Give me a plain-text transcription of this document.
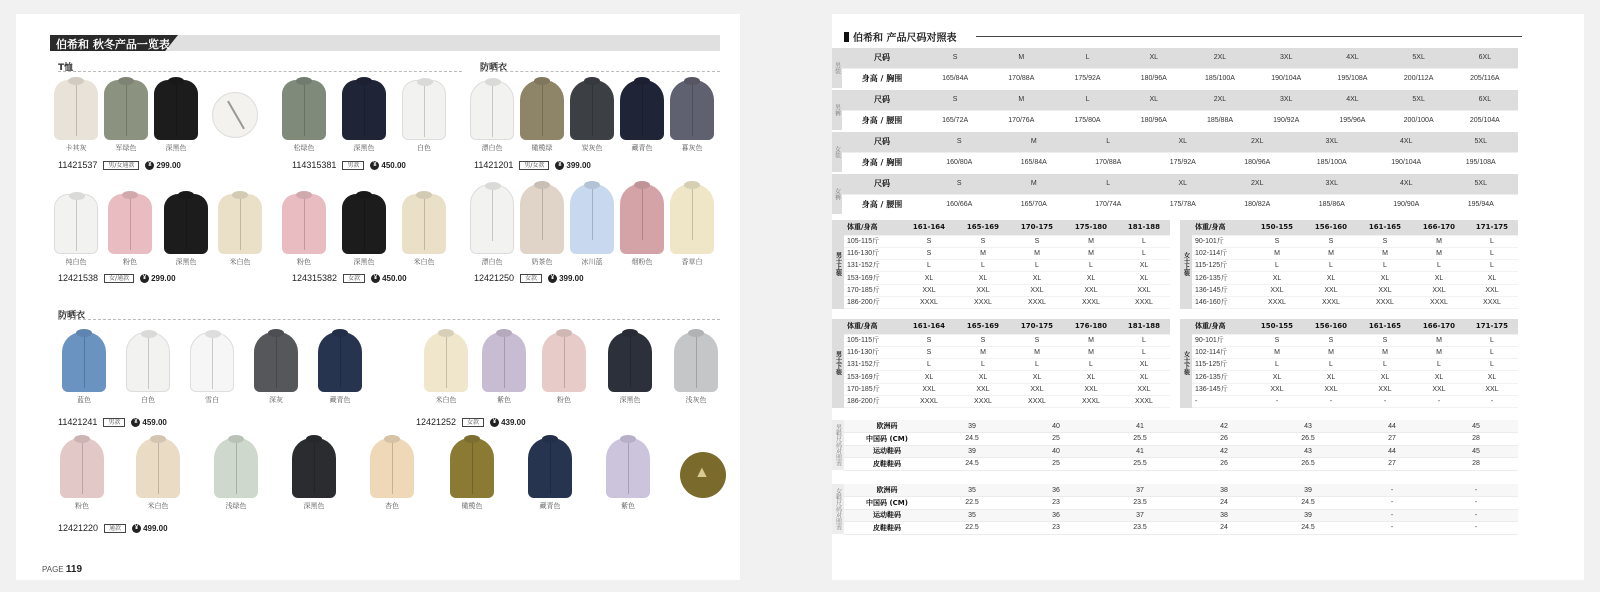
伯希和 秋冬产品一览表
T恤	防晒衣
卡其灰	军绿色	深黑色	松绿色	深黑色	白色	漂白色	橄榄绿	炭灰色	藏青色	暮灰色
11421537	男/女通款	¥ 299.00	114315381	男款	¥ 450.00	11421201	男/女款	¥ 399.00
纯白色	粉色	深黑色	米白色	粉色	深黑色	米白色	漂白色	奶茶色	冰川蓝	烟粉色	香草白
12421538	女/通款	¥ 299.00	124315382	女款	¥ 450.00	12421250	女款	¥ 399.00
防晒衣
蓝色	白色	雪白	深灰	藏青色	米白色	紫色	粉色	深黑色	浅灰色
11421241	男款	¥ 459.00	12421252	女款	¥ 439.00
粉色	米白色	浅绿色	深黑色	杏色	橄榄色	藏青色	紫色
▲
12421220	通款	¥ 499.00
PAGE 119
伯希和 产品尺码对照表
男装	尺码	S	M	L	XL	2XL	3XL	4XL	5XL	6XL
	身高 / 胸围	165/84A	170/88A	175/92A	180/96A	185/100A	190/104A	195/108A	200/112A	205/116A
男裤	尺码	S	M	L	XL	2XL	3XL	4XL	5XL	6XL
	身高 / 腰围	165/72A	170/76A	175/80A	180/96A	185/88A	190/92A	195/96A	200/100A	205/104A
女装	尺码	S	M	L	XL	2XL	3XL	4XL	5XL
	身高 / 胸围	160/80A	165/84A	170/88A	175/92A	180/96A	185/100A	190/104A	195/108A
女裤	尺码	S	M	L	XL	2XL	3XL	4XL	5XL
	身高 / 腰围	160/66A	165/70A	170/74A	175/78A	180/82A	185/86A	190/90A	195/94A
男士上装	体重/身高	161-164	165-169	170-175	175-180	181-188
	105-115斤	S	S	S	M	L
	116-130斤	S	M	M	M	L
	131-152斤	L	L	L	L	XL
	153-169斤	XL	XL	XL	XL	XL
	170-185斤	XXL	XXL	XXL	XXL	XXL
	186-200斤	XXXL	XXXL	XXXL	XXXL	XXXL
女士上装	体重/身高	150-155	156-160	161-165	166-170	171-175
	90-101斤	S	S	S	M	L
	102-114斤	M	M	M	M	L
	115-125斤	L	L	L	L	L
	126-135斤	XL	XL	XL	XL	XL
	136-145斤	XXL	XXL	XXL	XXL	XXL
	146-160斤	XXXL	XXXL	XXXL	XXXL	XXXL
男士下装	体重/身高	161-164	165-169	170-175	176-180	181-188
	105-115斤	S	S	S	M	L
	116-130斤	S	M	M	M	L
	131-152斤	L	L	L	L	XL
	153-169斤	XL	XL	XL	XL	XL
	170-185斤	XXL	XXL	XXL	XXL	XXL
	186-200斤	XXXL	XXXL	XXXL	XXXL	XXXL
女士下装	体重/身高	150-155	156-160	161-165	166-170	171-175
	90-101斤	S	S	S	M	L
	102-114斤	M	M	M	M	L
	115-125斤	L	L	L	L	L
	126-135斤	XL	XL	XL	XL	XL
	136-145斤	XXL	XXL	XXL	XXL	XXL
	-	-	-	-	-	-
男鞋尺码对照表	欧洲码	39	40	41	42	43	44	45
	中国码 (CM)	24.5	25	25.5	26	26.5	27	28
	运动鞋码	39	40	41	42	43	44	45
	皮鞋鞋码	24.5	25	25.5	26	26.5	27	28
女鞋尺码对照表	欧洲码	35	36	37	38	39	-	-
	中国码 (CM)	22.5	23	23.5	24	24.5	-	-
	运动鞋码	35	36	37	38	39	-	-
	皮鞋鞋码	22.5	23	23.5	24	24.5	-	-
